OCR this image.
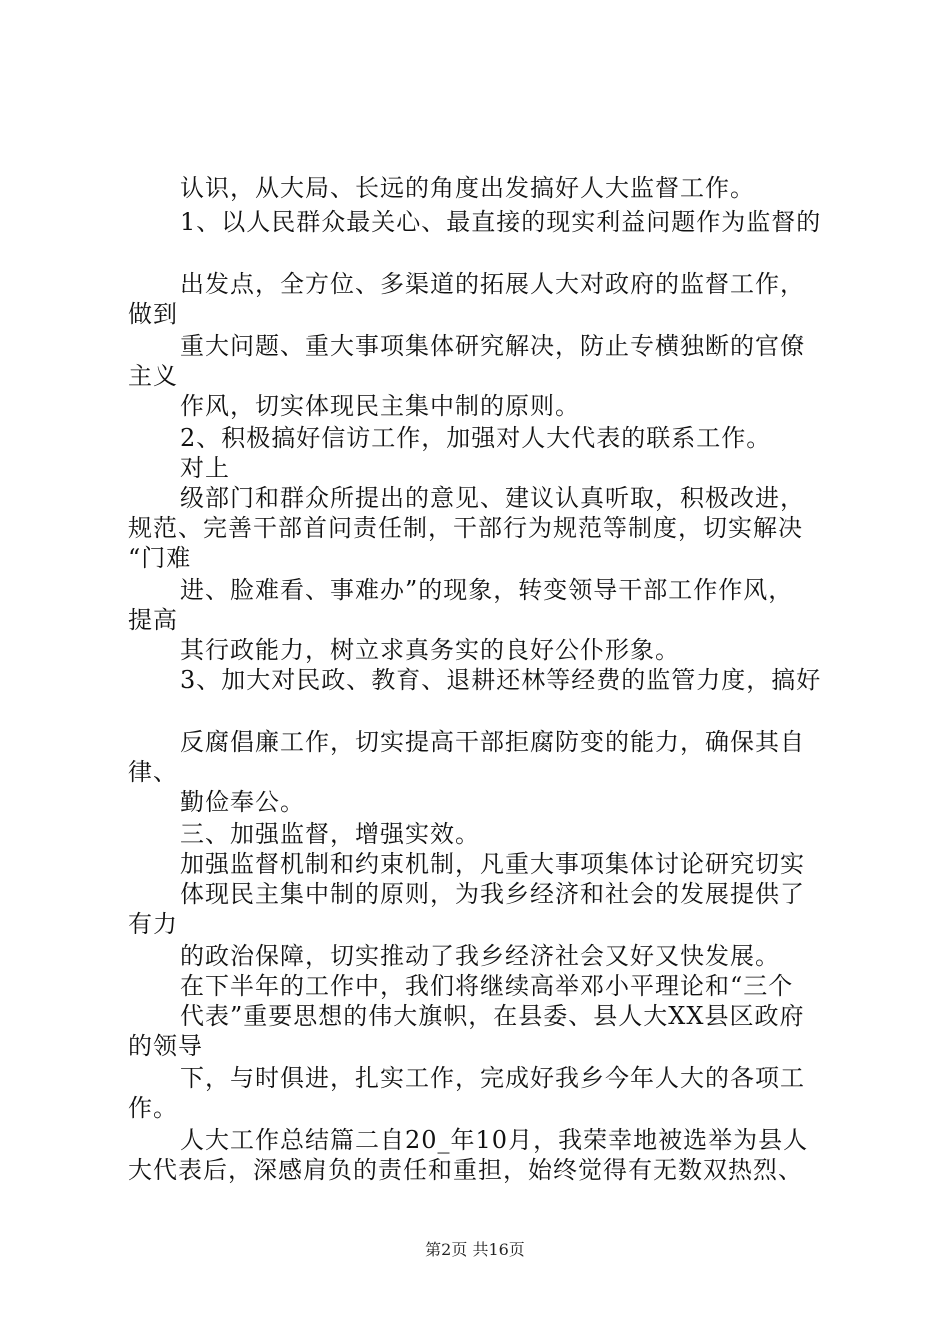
认识，从大局、长远的角度出发搞好人大监督工作。
1、以人民群众最关心、最直接的现实利益问题作为监督的
出发点，全方位、多渠道的拓展人大对政府的监督工作，
做到
重大问题、重大事项集体研究解决，防止专横独断的官僚
主义
作风，切实体现民主集中制的原则。
2、积极搞好信访工作，加强对人大代表的联系工作。
对上
级部门和群众所提出的意见、建议认真听取，积极改进，
规范、完善干部首问责任制，干部行为规范等制度，切实解决
“门难
进、脸难看、事难办”的现象，转变领导干部工作作风，
提高
其行政能力，树立求真务实的良好公仆形象。
3、加大对民政、教育、退耕还林等经费的监管力度，搞好
反腐倡廉工作，切实提高干部拒腐防变的能力，确保其自
律、
勤俭奉公。
三、加强监督，增强实效。
加强监督机制和约束机制，凡重大事项集体讨论研究切实
体现民主集中制的原则，为我乡经济和社会的发展提供了
有力
的政治保障，切实推动了我乡经济社会又好又快发展。
在下半年的工作中，我们将继续高举邓小平理论和“三个
代表”重要思想的伟大旗帜，在县委、县人大XX县区政府
的领导
下，与时俱进，扎实工作，完成好我乡今年人大的各项工
作。
人大工作总结篇二自20_年10月，我荣幸地被选举为县人
大代表后，深感肩负的责任和重担，始终觉得有无数双热烈、
第2页 共16页
